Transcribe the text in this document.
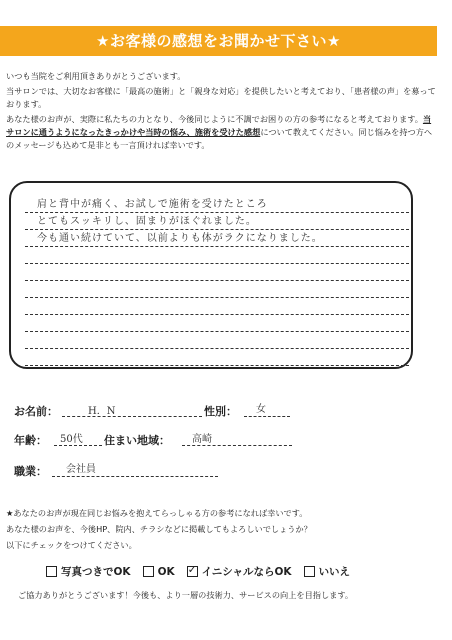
★お客様の感想をお聞かせ下さい★

いつも当院をご利用頂きありがとうございます。

当サロンでは、大切なお客様に「最高の施術」と「親身な対応」を提供したいと考えており、「患者様の声」を募っております。

あなた様のお声が、実際に私たちの力となり、今後同じように不調でお困りの方の参考になると考えております。当サロンに通うようになったきっかけや当時の悩み、施術を受けた感想について教えてください。同じ悩みを持つ方へのメッセージも込めて是非とも一言頂ければ幸いです。

肩と背中が痛く、お試しで施術を受けたところ
とてもスッキリし、固まりがほぐれました。
今も通い続けていて、以前よりも体がラクになりました。
お名前：	H．N	性別： 女
年齢： 50代 住まい地域： 高崎
職業： 会社員

★あなたのお声が現在同じお悩みを抱えてらっしゃる方の参考になれば幸いです。

あなた様のお声を、今後HP、院内、チラシなどに掲載してもよろしいでしょうか？

以下にチェックをつけてください。

写真つきでOK	OK
✓	イニシャルならOK	いいえ
ご協力ありがとうございます！今後も、より一層の技術力、サービスの向上を目指します。
